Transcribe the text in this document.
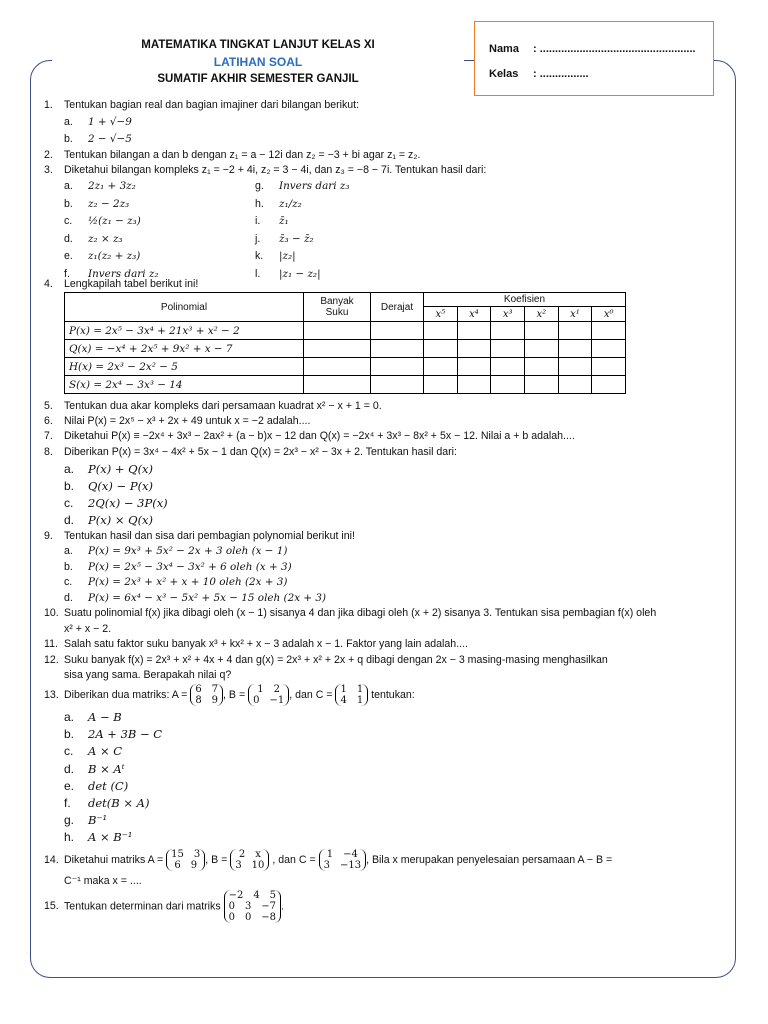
MATEMATIKA TINGKAT LANJUT KELAS XI
LATIHAN SOAL
SUMATIF AKHIR SEMESTER GANJIL
Nama : ...................................................
Kelas : ................
1. Tentukan bagian real dan bagian imajiner dari bilangan berikut:
a. 1 + √−9
b. 2 − √−5
2. Tentukan bilangan a dan b dengan z₁ = a − 12i dan z₂ = −3 + bi agar z₁ = z₂.
3. Diketahui bilangan kompleks z₁ = −2 + 4i, z₂ = 3 − 4i, dan z₃ = −8 − 7i. Tentukan hasil dari:
a. 2z₁ + 3z₂
b. z₂ − 2z₃
c. ½(z₁ − z₃)
d. z₂ × z₃
e. z₁(z₂ + z₃)
f. Invers dari z₂
g. Invers dari z₃
h. z₁/z₂
i. z̄₁
j. z̄₃ − z̄₂
k. |z₂|
l. |z₁ − z₂|
4. Lengkapilah tabel berikut ini!
Polinomial	Banyak Suku	Derajat	Koefisien					
			x⁵	x⁴	x³	x²	x¹	x⁰
P(x) = 2x⁵ − 3x⁴ + 21x³ + x² − 2								
Q(x) = −x⁴ + 2x⁵ + 9x² + x − 7								
H(x) = 2x³ − 2x² − 5								
S(x) = 2x⁴ − 3x³ − 14								
5. Tentukan dua akar kompleks dari persamaan kuadrat x² − x + 1 = 0.
6. Nilai P(x) = 2x⁵ − x³ + 2x + 49 untuk x = −2 adalah....
7. Diketahui P(x) ≡ −2x⁴ + 3x³ − 2ax² + (a − b)x − 12 dan Q(x) = −2x⁴ + 3x³ − 8x² + 5x − 12. Nilai a + b adalah....
8. Diberikan P(x) = 3x⁴ − 4x² + 5x − 1 dan Q(x) = 2x³ − x² − 3x + 2. Tentukan hasil dari:
a. P(x) + Q(x)
b. Q(x) − P(x)
c. 2Q(x) − 3P(x)
d. P(x) × Q(x)
9. Tentukan hasil dan sisa dari pembagian polynomial berikut ini!
a. P(x) = 9x³ + 5x² − 2x + 3 oleh (x − 1)
b. P(x) = 2x⁵ − 3x⁴ − 3x² + 6 oleh (x + 3)
c. P(x) = 2x³ + x² + x + 10 oleh (2x + 3)
d. P(x) = 6x⁴ − x³ − 5x² + 5x − 15 oleh (2x + 3)
10. Suatu polinomial f(x) jika dibagi oleh (x − 1) sisanya 4 dan jika dibagi oleh (x + 2) sisanya 3. Tentukan sisa pembagian f(x) oleh
x² + x − 2.
11. Salah satu faktor suku banyak x³ + kx² + x − 3 adalah x − 1. Faktor yang lain adalah....
12. Suku banyak f(x) = 2x³ + x² + 4x + 4 dan g(x) = 2x³ + x² + 2x + q dibagi dengan 2x − 3 masing-masing menghasilkan
sisa yang sama. Berapakah nilai q?
13. Diberikan dua matriks: A = 6 7
8 9 , B =	1 2
0 −1 , dan C = 1 1
4 1 tentukan:
a. A − B
b. 2A + 3B − C
c. A × C
d. B × Aᵗ
e. det (C)
f. det(B × A)
g. B⁻¹
h. A × B⁻¹
14. Diketahui matriks A = 15 3
6 9 , B =	2 x
3 10 , dan C =	1 −4
3 −13 , Bila x merupakan penyelesaian persamaan A − B =
C⁻¹ maka x = ....
15. Tentukan determinan dari matriks
−2 4 5
0 3 −7
0 0 −8
.
